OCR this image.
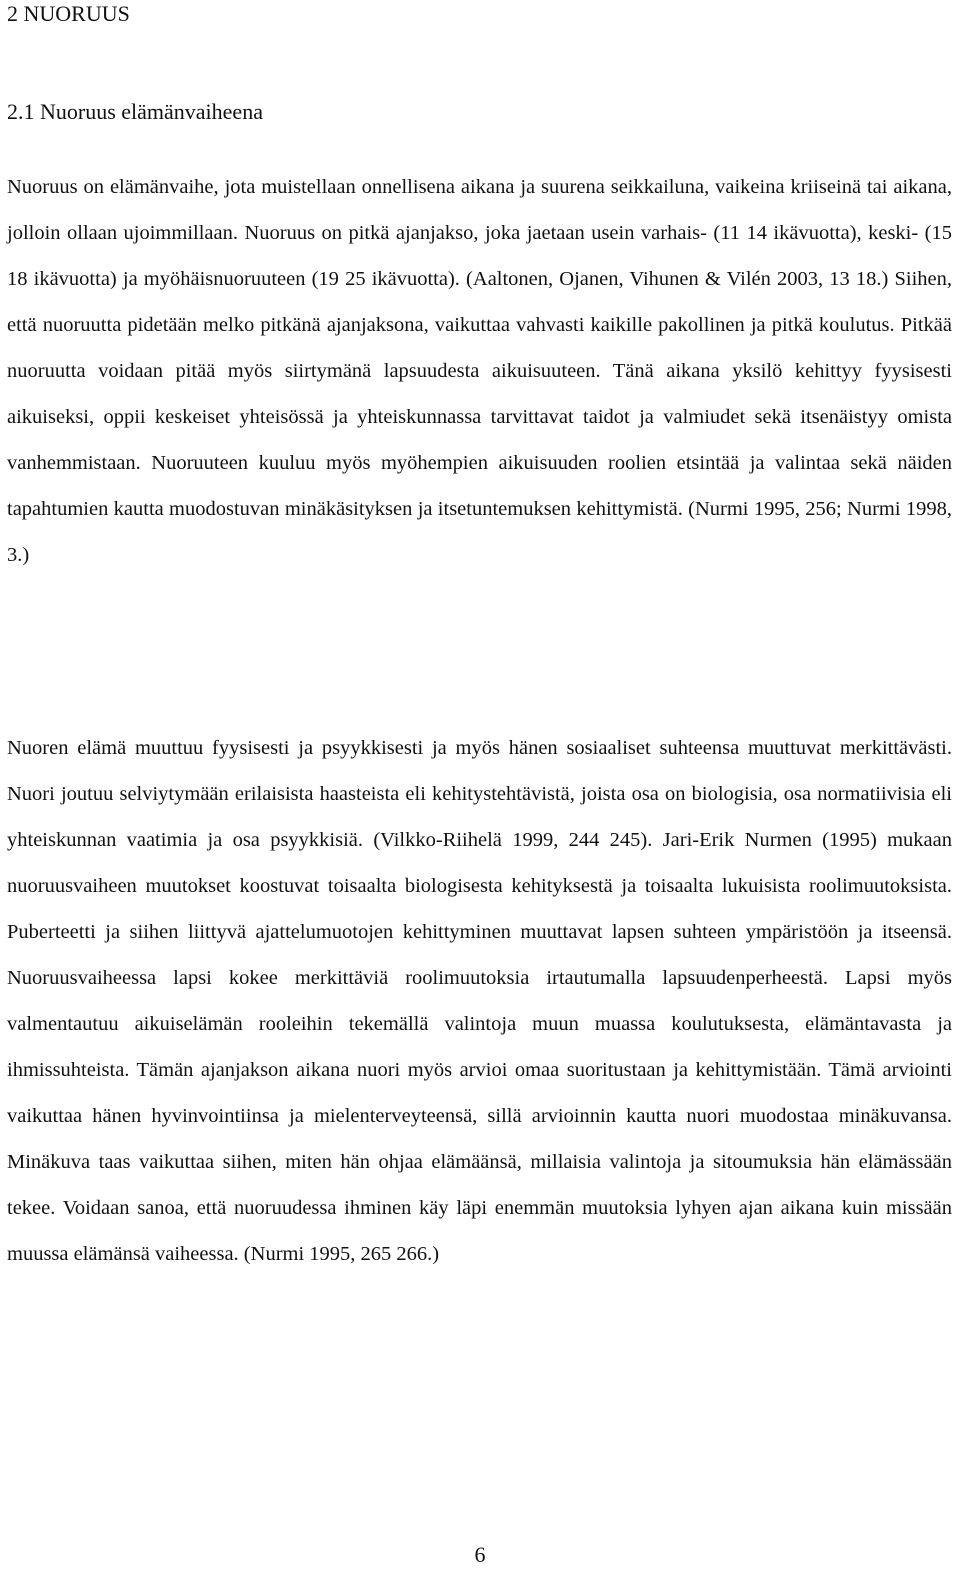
2 NUORUUS
2.1 Nuoruus elämänvaiheena

Nuoruus on elämänvaihe, jota muistellaan onnellisena aikana ja suurena seikkailuna, vaikeina kriiseinä tai aikana, jolloin ollaan ujoimmillaan. Nuoruus on pitkä ajanjakso, joka jaetaan usein varhais- (11 14 ikävuotta), keski- (15 18 ikävuotta) ja myöhäisnuoruuteen (19 25 ikävuotta). (Aaltonen, Ojanen, Vihunen & Vilén 2003, 13 18.) Siihen, että nuoruutta pidetään melko pitkänä ajanjaksona, vaikuttaa vahvasti kaikille pakollinen ja pitkä koulutus. Pitkää nuoruutta voidaan pitää myös siirtymänä lapsuudesta aikuisuuteen. Tänä aikana yksilö kehittyy fyysisesti aikuiseksi, oppii keskeiset yhteisössä ja yhteiskunnassa tarvittavat taidot ja valmiudet sekä itsenäistyy omista vanhemmistaan. Nuoruuteen kuuluu myös myöhempien aikuisuuden roolien etsintää ja valintaa sekä näiden tapahtumien kautta muodostuvan minäkäsityksen ja itsetuntemuksen kehittymistä. (Nurmi 1995, 256; Nurmi 1998, 3.)

Nuoren elämä muuttuu fyysisesti ja psyykkisesti ja myös hänen sosiaaliset suhteensa muuttuvat merkittävästi. Nuori joutuu selviytymään erilaisista haasteista eli kehitystehtävistä, joista osa on biologisia, osa normatiivisia eli yhteiskunnan vaatimia ja osa psyykkisiä. (Vilkko-Riihelä 1999, 244 245). Jari-Erik Nurmen (1995) mukaan nuoruusvaiheen muutokset koostuvat toisaalta biologisesta kehityksestä ja toisaalta lukuisista roolimuutoksista. Puberteetti ja siihen liittyvä ajattelumuotojen kehittyminen muuttavat lapsen suhteen ympäristöön ja itseensä. Nuoruusvaiheessa lapsi kokee merkittäviä roolimuutoksia irtautumalla lapsuudenperheestä. Lapsi myös valmentautuu aikuiselämän rooleihin tekemällä valintoja muun muassa koulutuksesta, elämäntavasta ja ihmissuhteista. Tämän ajanjakson aikana nuori myös arvioi omaa suoritustaan ja kehittymistään. Tämä arviointi vaikuttaa hänen hyvinvointiinsa ja mielenterveyteensä, sillä arvioinnin kautta nuori muodostaa minäkuvansa. Minäkuva taas vaikuttaa siihen, miten hän ohjaa elämäänsä, millaisia valintoja ja sitoumuksia hän elämässään tekee. Voidaan sanoa, että nuoruudessa ihminen käy läpi enemmän muutoksia lyhyen ajan aikana kuin missään muussa elämänsä vaiheessa. (Nurmi 1995, 265 266.)

6
